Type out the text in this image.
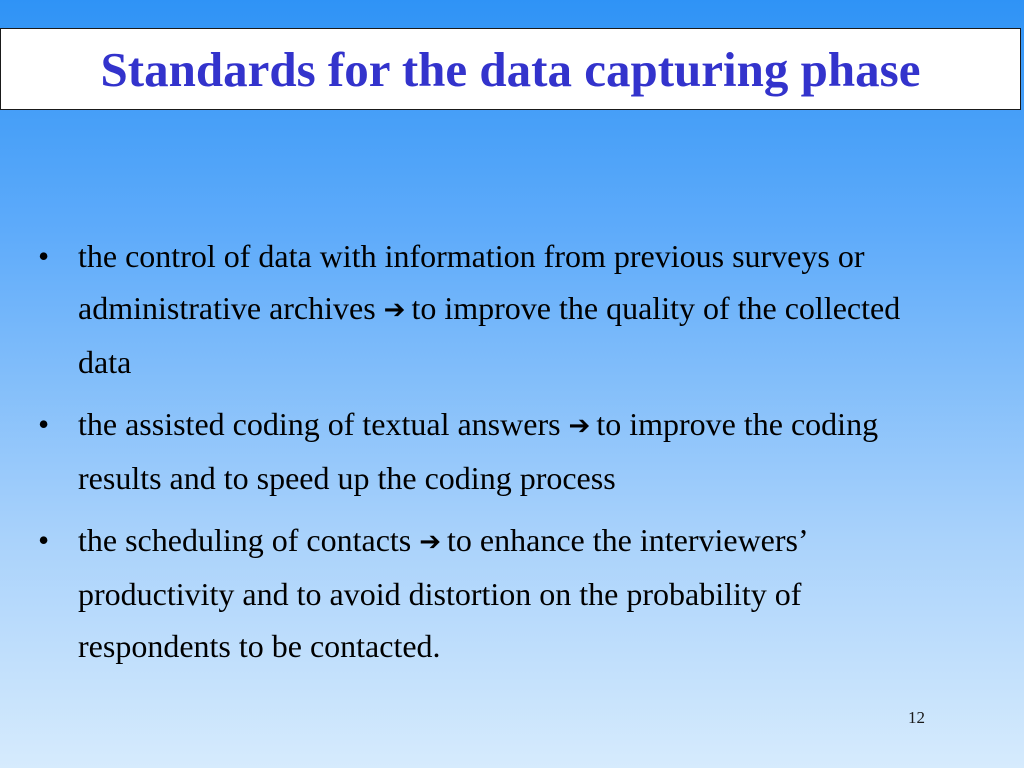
Standards for the data capturing phase
• the control of data with information from previous surveys or administrative archives ➔ to improve the quality of the collected data
• the assisted coding of textual answers ➔ to improve the coding results and to speed up the coding process
• the scheduling of contacts ➔ to enhance the interviewers’ productivity and to avoid distortion on the probability of respondents to be contacted.
12
